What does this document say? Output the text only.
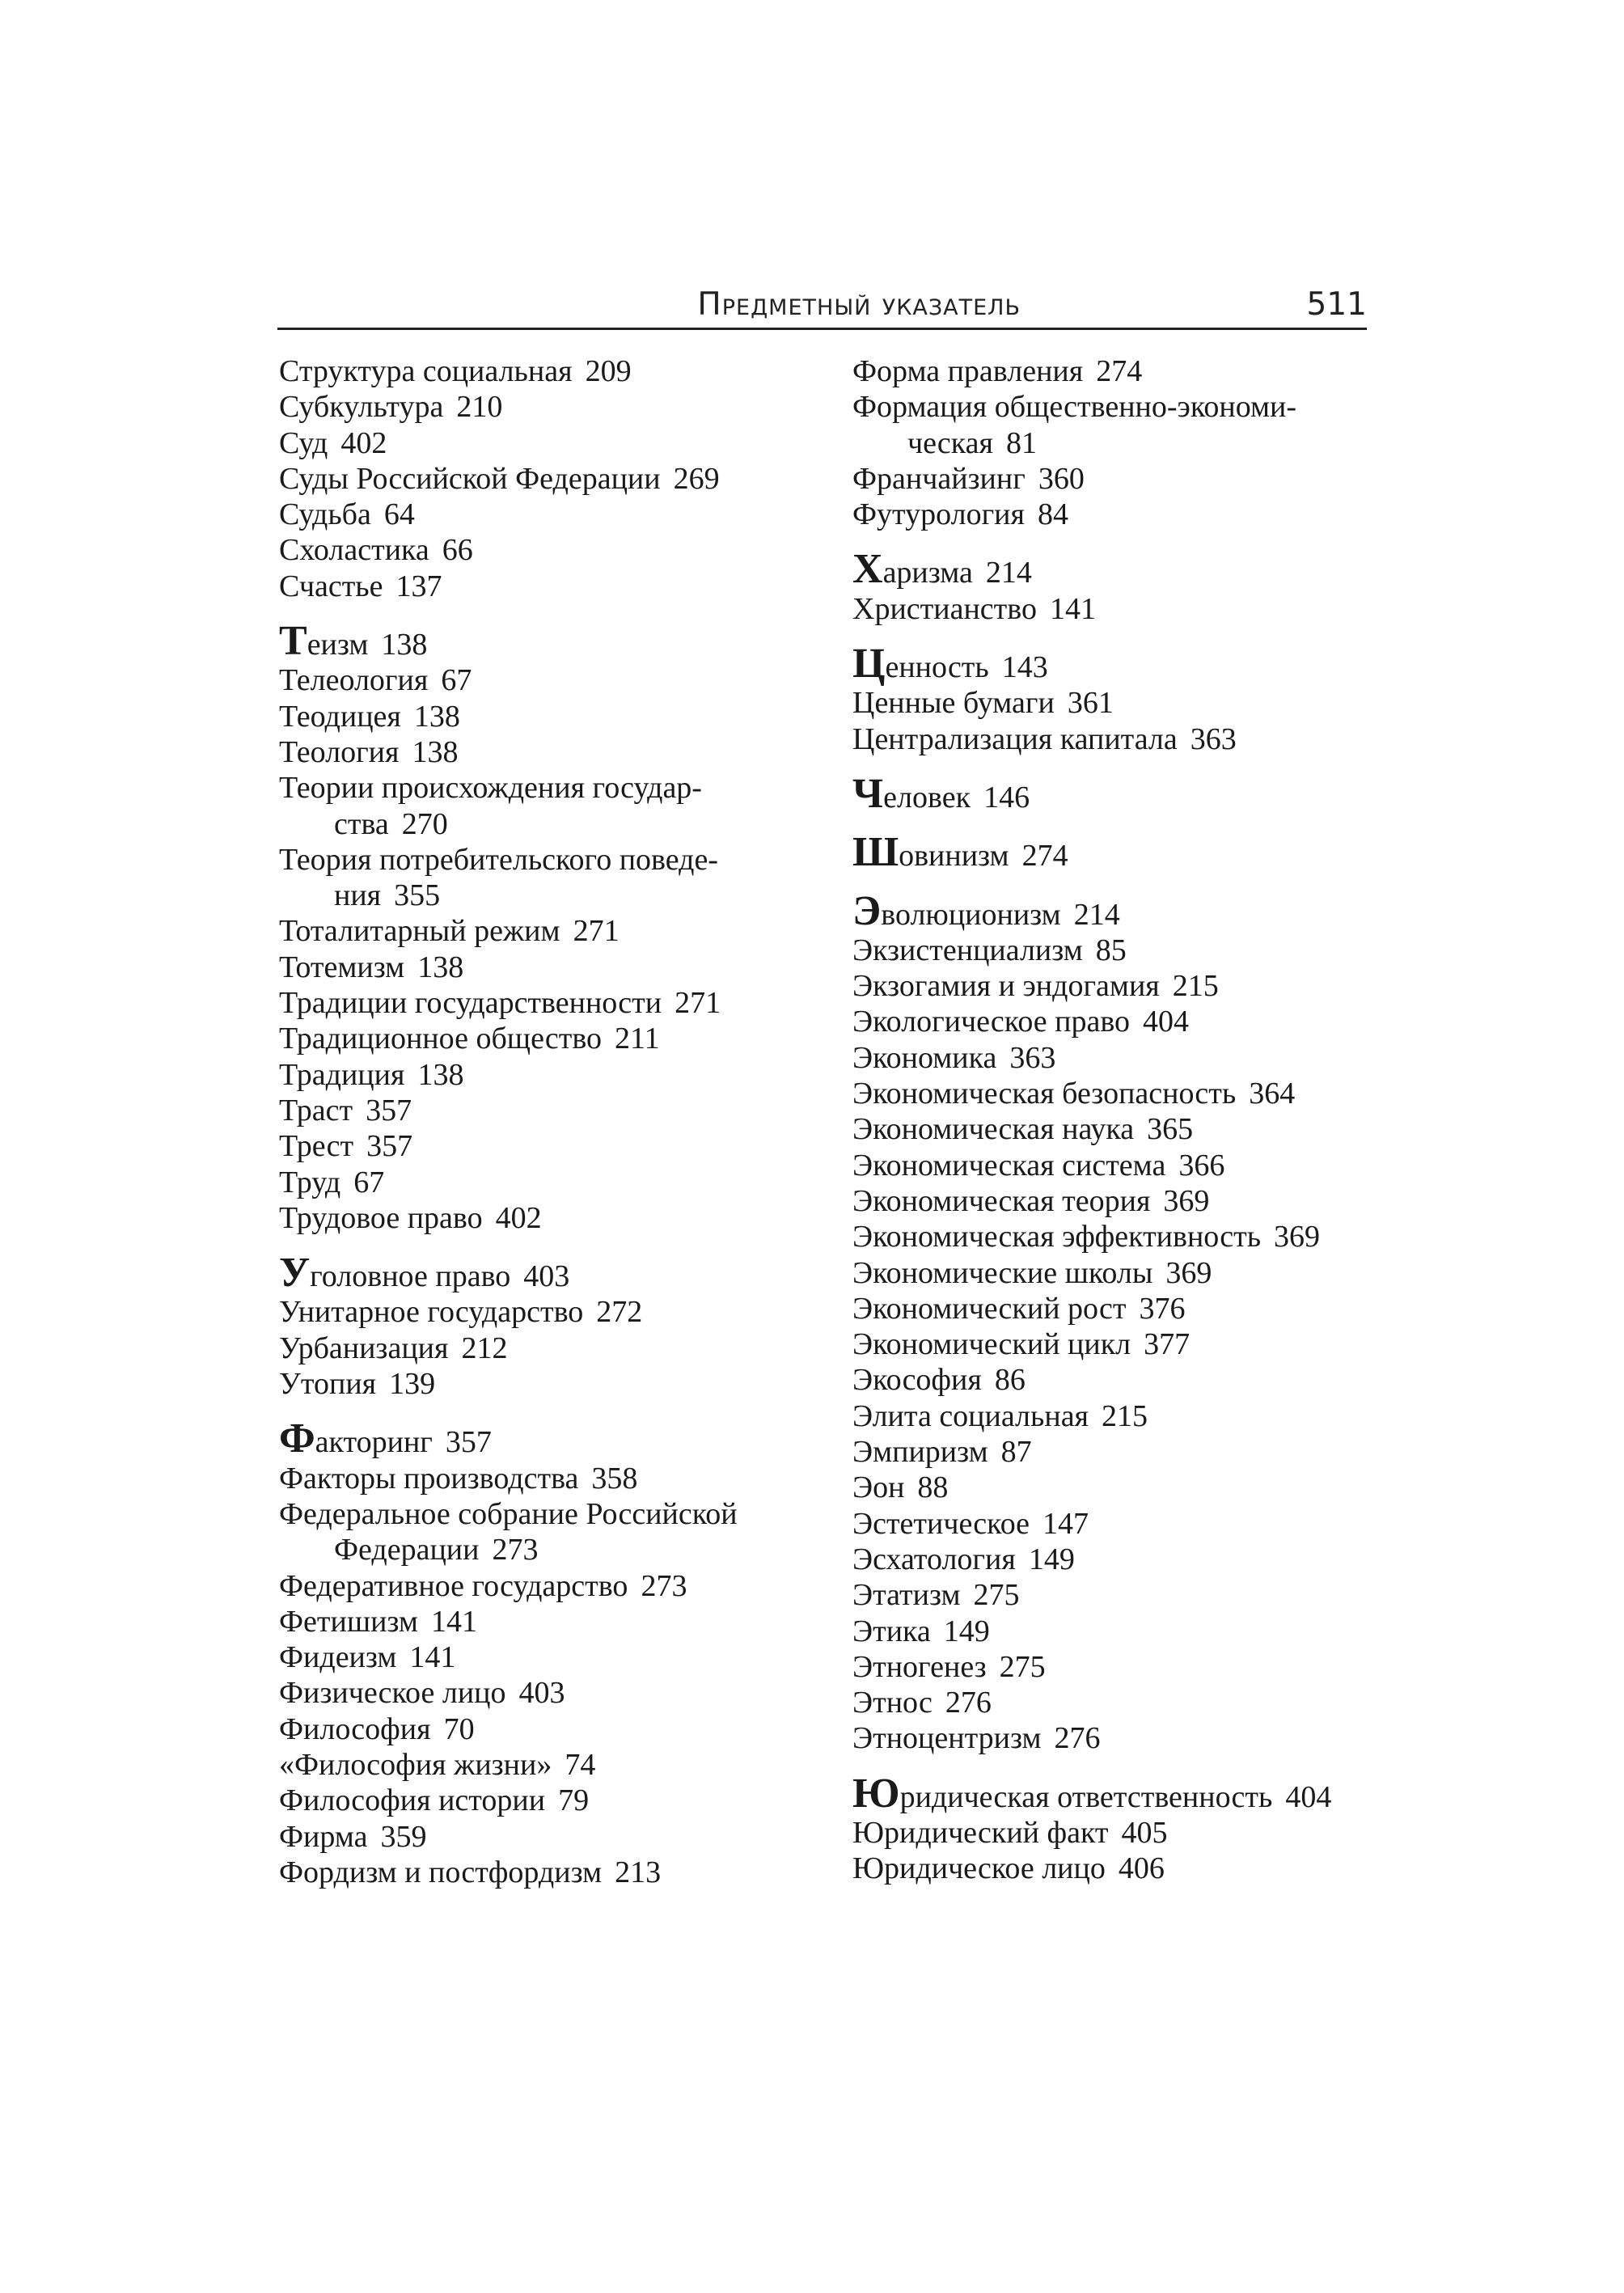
Предметный указатель	511
Структура социальная 209
Субкультура 210
Суд 402
Суды Российской Федерации 269
Судьба 64
Схоластика 66
Счастье 137
Теизм 138
Телеология 67
Теодицея 138
Теология 138
Теории происхождения государ-
ства 270
Теория потребительского поведе-
ния 355
Тоталитарный режим 271
Тотемизм 138
Традиции государственности 271
Традиционное общество 211
Традиция 138
Траст 357
Трест 357
Труд 67
Трудовое право 402
Уголовное право 403
Унитарное государство 272
Урбанизация 212
Утопия 139
Факторинг 357
Факторы производства 358
Федеральное собрание Российской
Федерации 273
Федеративное государство 273
Фетишизм 141
Фидеизм 141
Физическое лицо 403
Философия 70
«Философия жизни» 74
Философия истории 79
Фирма 359
Фордизм и постфордизм 213
Форма правления 274
Формация общественно-экономи-
ческая 81
Франчайзинг 360
Футурология 84
Харизма 214
Христианство 141
Ценность 143
Ценные бумаги 361
Централизация капитала 363
Человек 146
Шовинизм 274
Эволюционизм 214
Экзистенциализм 85
Экзогамия и эндогамия 215
Экологическое право 404
Экономика 363
Экономическая безопасность 364
Экономическая наука 365
Экономическая система 366
Экономическая теория 369
Экономическая эффективность 369
Экономические школы 369
Экономический рост 376
Экономический цикл 377
Экософия 86
Элита социальная 215
Эмпиризм 87
Эон 88
Эстетическое 147
Эсхатология 149
Этатизм 275
Этика 149
Этногенез 275
Этнос 276
Этноцентризм 276
Юридическая ответственность 404
Юридический факт 405
Юридическое лицо 406
